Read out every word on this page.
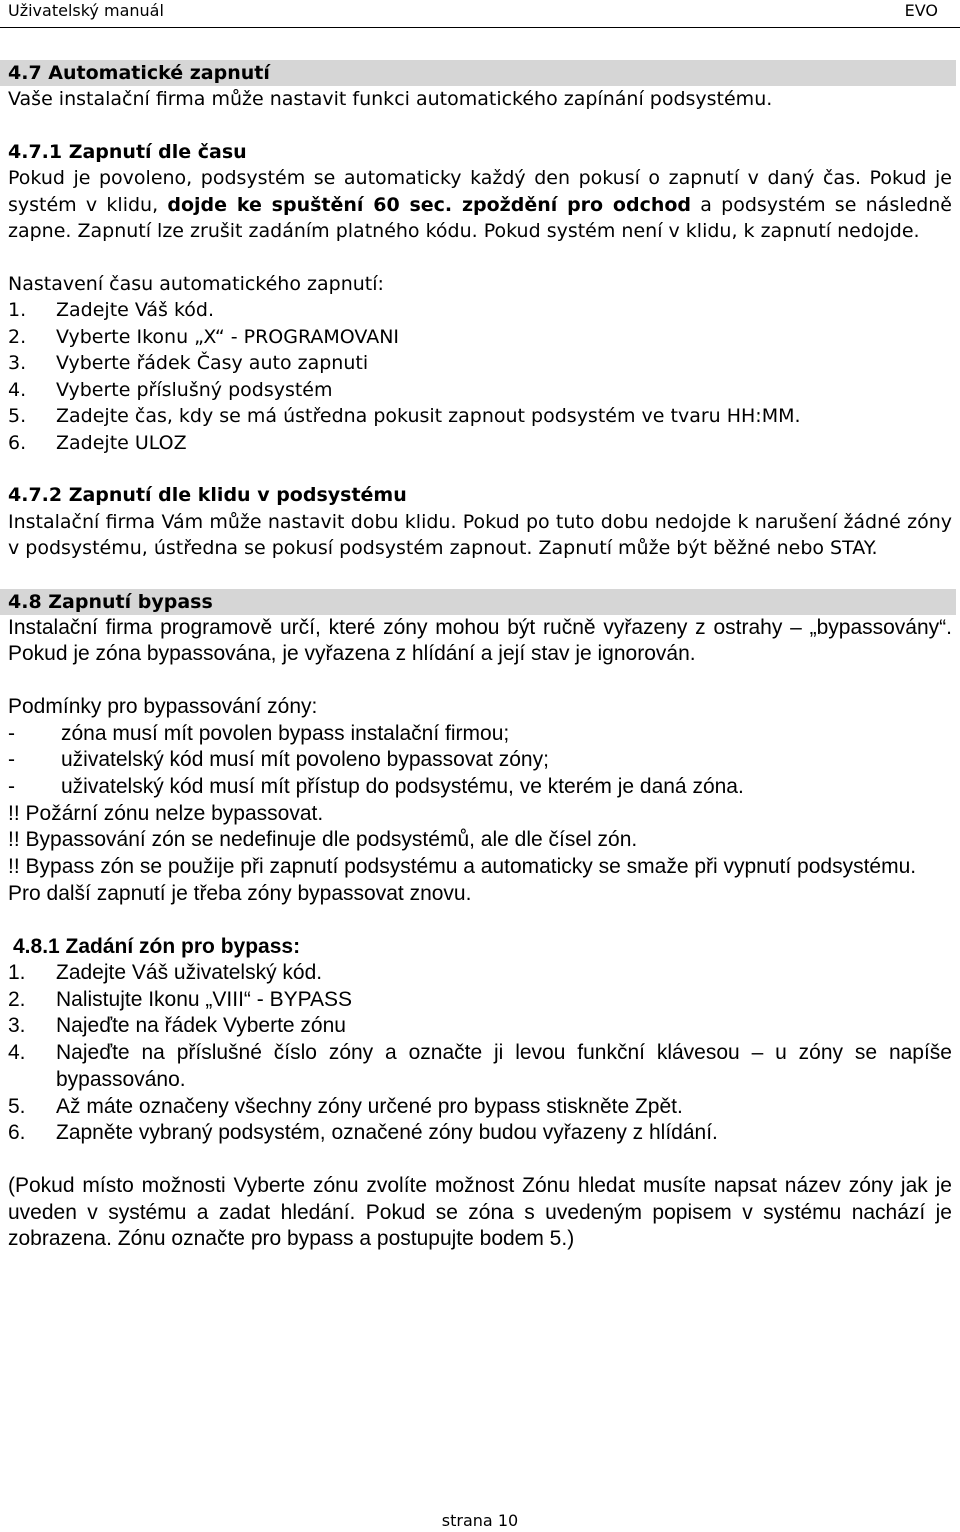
Uživatelský manuál	EVO
4.7 Automatické zapnutí

Vaše instalační firma může nastavit funkci automatického zapínání podsystému.

4.7.1 Zapnutí dle času

Pokud je povoleno, podsystém se automaticky každý den pokusí o zapnutí v daný čas. Pokud je systém v klidu, dojde ke spuštění 60 sec. zpoždění pro odchod a podsystém se následně zapne. Zapnutí lze zrušit zadáním platného kódu. Pokud systém není v klidu, k zapnutí nedojde.

Nastavení času automatického zapnutí:

1.	Zadejte Váš kód.
2.	Vyberte Ikonu „X“ - PROGRAMOVANI
3.	Vyberte řádek Časy auto zapnuti
4.	Vyberte příslušný podsystém
5.	Zadejte čas, kdy se má ústředna pokusit zapnout podsystém ve tvaru HH:MM.
6.	Zadejte ULOZ

4.7.2 Zapnutí dle klidu v podsystému

Instalační firma Vám může nastavit dobu klidu. Pokud po tuto dobu nedojde k narušení žádné zóny v podsystému, ústředna se pokusí podsystém zapnout. Zapnutí může být běžné nebo STAY.

4.8 Zapnutí bypass

Instalační firma programově určí, které zóny mohou být ručně vyřazeny z ostrahy – „bypassovány“. Pokud je zóna bypassována, je vyřazena z hlídání a její stav je ignorován.

Podmínky pro bypassování zóny:

-	zóna musí mít povolen bypass instalační firmou;
-	uživatelský kód musí mít povoleno bypassovat zóny;
-	uživatelský kód musí mít přístup do podsystému, ve kterém je daná zóna.

!! Požární zónu nelze bypassovat.

!! Bypassování zón se nedefinuje dle podsystémů, ale dle čísel zón.

!! Bypass zón se použije při zapnutí podsystému a automaticky se smaže při vypnutí podsystému. Pro další zapnutí je třeba zóny bypassovat znovu.

4.8.1 Zadání zón pro bypass:

1.	Zadejte Váš uživatelský kód.
2.	Nalistujte Ikonu „VIII“ - BYPASS
3.	Najeďte na řádek Vyberte zónu
4.	Najeďte na příslušné číslo zóny a označte ji levou funkční klávesou – u zóny se napíše bypassováno.
5.	Až máte označeny všechny zóny určené pro bypass stiskněte Zpět.
6.	Zapněte vybraný podsystém, označené zóny budou vyřazeny z hlídání.

(Pokud místo možnosti Vyberte zónu zvolíte možnost Zónu hledat musíte napsat název zóny jak je uveden v systému a zadat hledání. Pokud se zóna s uvedeným popisem v systému nachází je zobrazena. Zónu označte pro bypass a postupujte bodem 5.)

strana 10
